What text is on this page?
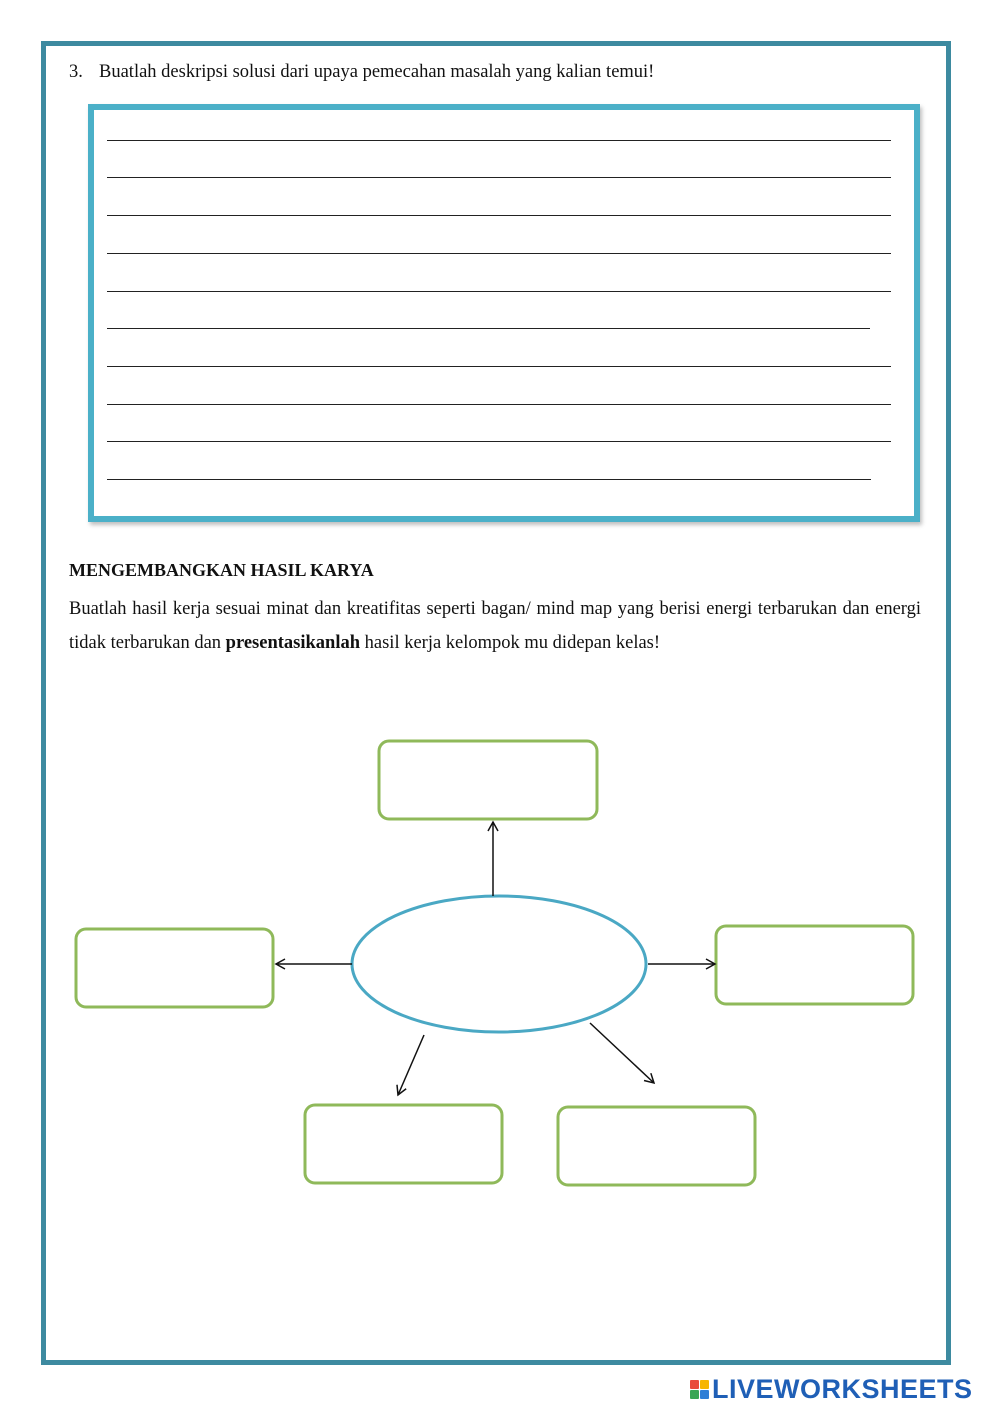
3. Buatlah deskripsi solusi dari upaya pemecahan masalah yang kalian temui!
MENGEMBANGKAN HASIL KARYA
Buatlah hasil kerja sesuai minat dan kreatifitas seperti bagan/ mind map yang berisi energi terbarukan dan energi tidak terbarukan dan presentasikanlah hasil kerja kelompok mu didepan kelas!
LIVEWORKSHEETS
